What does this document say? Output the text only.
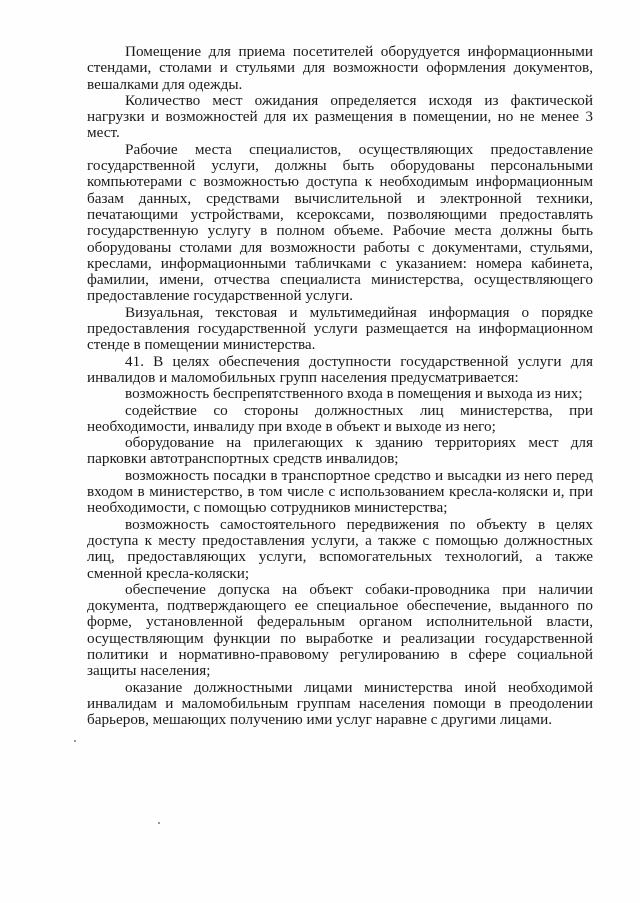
Помещение для приема посетителей оборудуется информационными стендами, столами и стульями для возможности оформления документов, вешалками для одежды.

Количество мест ожидания определяется исходя из фактической нагрузки и возможностей для их размещения в помещении, но не менее 3 мест.

Рабочие места специалистов, осуществляющих предоставление государственной услуги, должны быть оборудованы персональными компьютерами с возможностью доступа к необходимым информационным базам данных, средствами вычислительной и электронной техники, печатающими устройствами, ксероксами, позволяющими предоставлять государственную услугу в полном объеме. Рабочие места должны быть оборудованы столами для возможности работы с документами, стульями, креслами, информационными табличками с указанием: номера кабинета, фамилии, имени, отчества специалиста министерства, осуществляющего предоставление государственной услуги.

Визуальная, текстовая и мультимедийная информация о порядке предоставления государственной услуги размещается на информационном стенде в помещении министерства.

41. В целях обеспечения доступности государственной услуги для инвалидов и маломобильных групп населения предусматривается:

возможность беспрепятственного входа в помещения и выхода из них;

содействие со стороны должностных лиц министерства, при необходимости, инвалиду при входе в объект и выходе из него;

оборудование на прилегающих к зданию территориях мест для парковки автотранспортных средств инвалидов;

возможность посадки в транспортное средство и высадки из него перед входом в министерство, в том числе с использованием кресла-коляски и, при необходимости, с помощью сотрудников министерства;

возможность самостоятельного передвижения по объекту в целях доступа к месту предоставления услуги, а также с помощью должностных лиц, предоставляющих услуги, вспомогательных технологий, а также сменной кресла-коляски;

обеспечение допуска на объект собаки-проводника при наличии документа, подтверждающего ее специальное обеспечение, выданного по форме, установленной федеральным органом исполнительной власти, осуществляющим функции по выработке и реализации государственной политики и нормативно-правовому регулированию в сфере социальной защиты населения;

оказание должностными лицами министерства иной необходимой инвалидам и маломобильным группам населения помощи в преодолении барьеров, мешающих получению ими услуг наравне с другими лицами.
